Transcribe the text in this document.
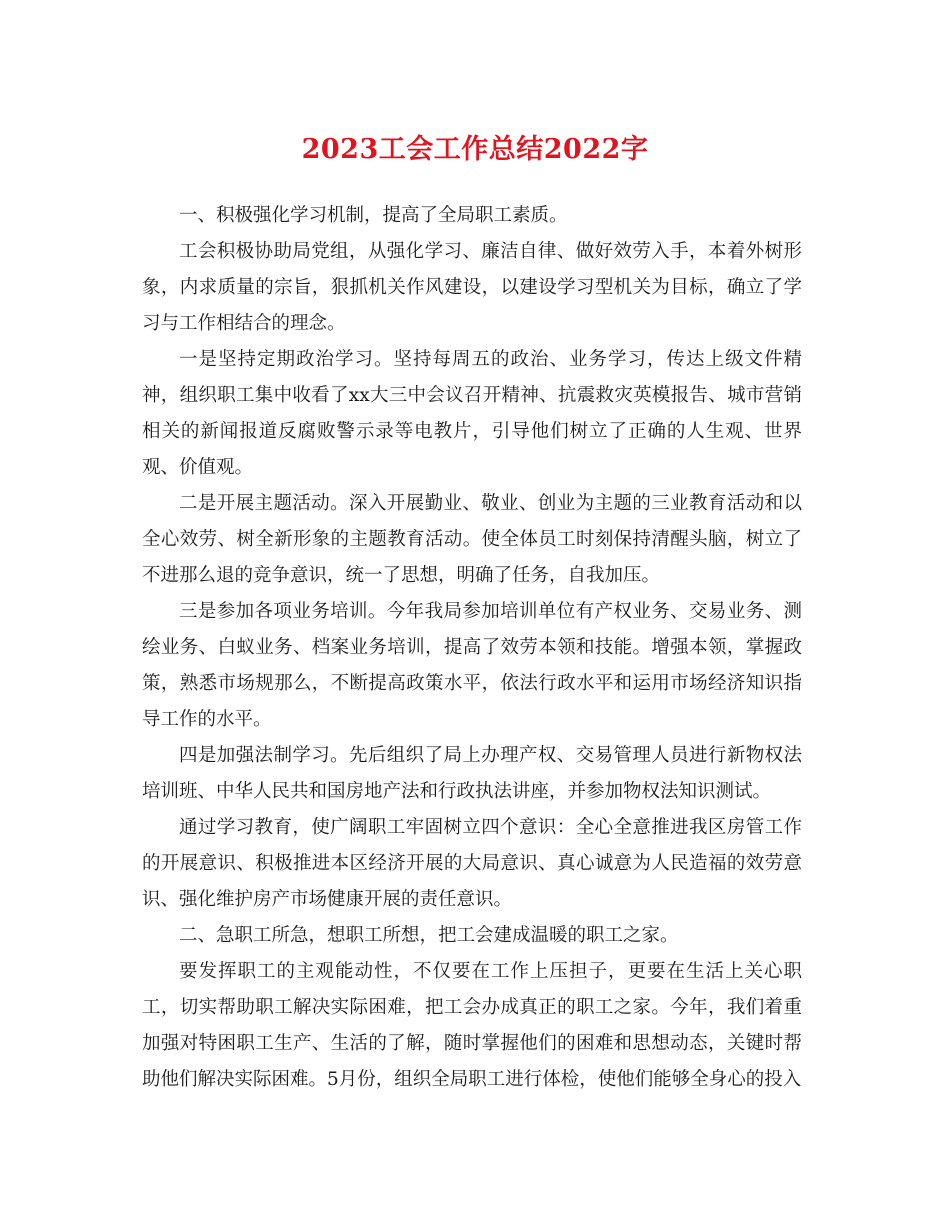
2023工会工作总结2022字

一、积极强化学习机制，提高了全局职工素质。

工会积极协助局党组，从强化学习、廉洁自律、做好效劳入手，本着外树形象，内求质量的宗旨，狠抓机关作风建设，以建设学习型机关为目标，确立了学习与工作相结合的理念。

一是坚持定期政治学习。坚持每周五的政治、业务学习，传达上级文件精神，组织职工集中收看了xx大三中会议召开精神、抗震救灾英模报告、城市营销相关的新闻报道反腐败警示录等电教片，引导他们树立了正确的人生观、世界观、价值观。

二是开展主题活动。深入开展勤业、敬业、创业为主题的三业教育活动和以全心效劳、树全新形象的主题教育活动。使全体员工时刻保持清醒头脑，树立了不进那么退的竞争意识，统一了思想，明确了任务，自我加压。

三是参加各项业务培训。今年我局参加培训单位有产权业务、交易业务、测绘业务、白蚁业务、档案业务培训，提高了效劳本领和技能。增强本领，掌握政策，熟悉市场规那么，不断提高政策水平，依法行政水平和运用市场经济知识指导工作的水平。

四是加强法制学习。先后组织了局上办理产权、交易管理人员进行新物权法培训班、中华人民共和国房地产法和行政执法讲座，并参加物权法知识测试。

通过学习教育，使广阔职工牢固树立四个意识：全心全意推进我区房管工作的开展意识、积极推进本区经济开展的大局意识、真心诚意为人民造福的效劳意识、强化维护房产市场健康开展的责任意识。

二、急职工所急，想职工所想，把工会建成温暖的职工之家。

要发挥职工的主观能动性，不仅要在工作上压担子，更要在生活上关心职工，切实帮助职工解决实际困难，把工会办成真正的职工之家。今年，我们着重加强对特困职工生产、生活的了解，随时掌握他们的困难和思想动态，关键时帮助他们解决实际困难。5月份，组织全局职工进行体检，使他们能够全身心的投入
